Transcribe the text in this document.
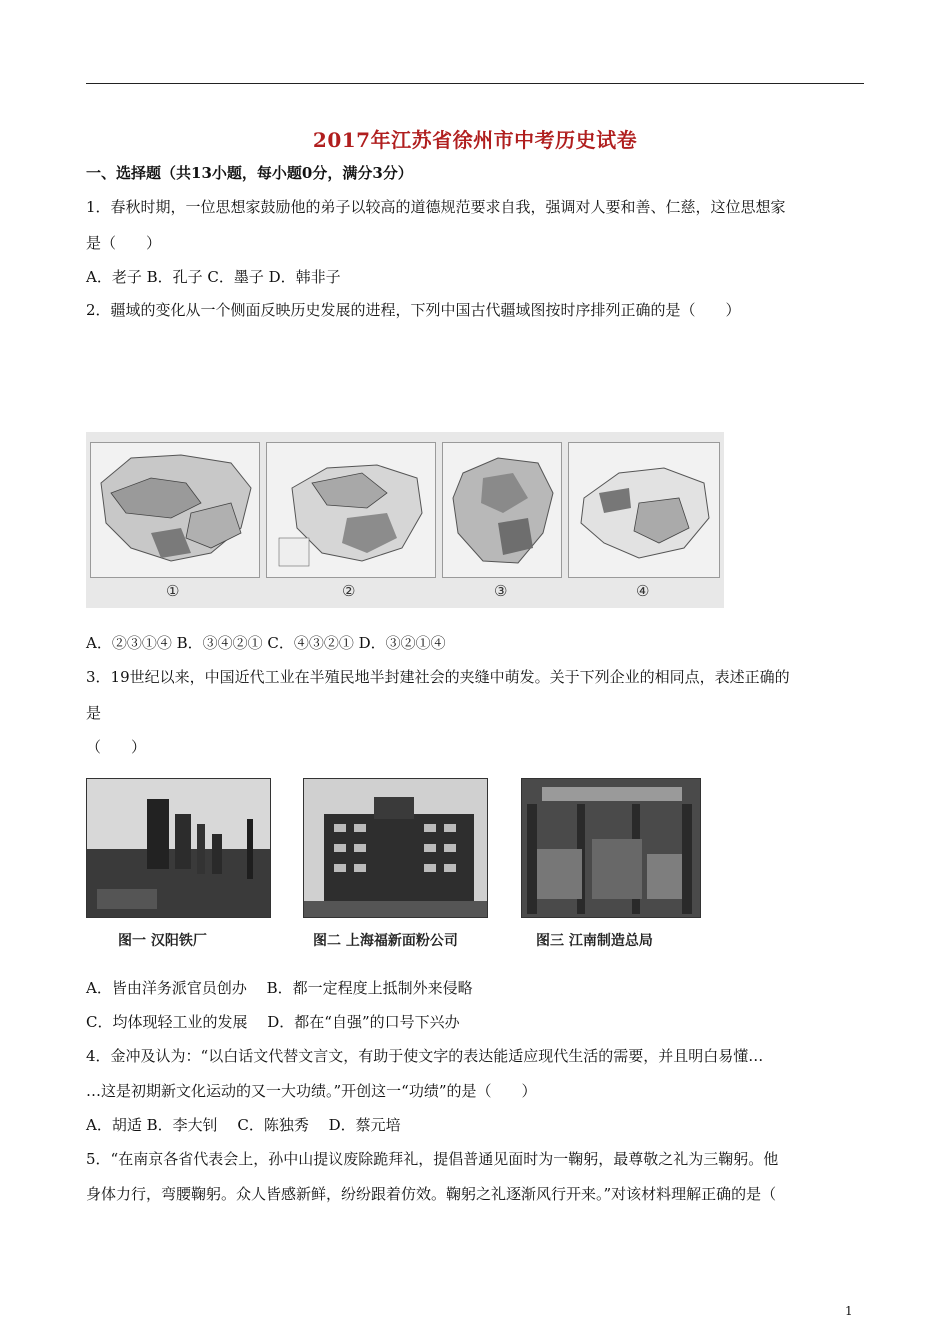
2017年江苏省徐州市中考历史试卷
一、选择题（共13小题，每小题0分，满分3分）
1．春秋时期，一位思想家鼓励他的弟子以较高的道德规范要求自我，强调对人要和善、仁慈，这位思想家
是（　　）
A．老子 B．孔子 C．墨子 D．韩非子
2．疆域的变化从一个侧面反映历史发展的进程，下列中国古代疆域图按时序排列正确的是（　　）
①	②	③	④
A．②③①④ B．③④②① C．④③②① D．③②①④
3．19世纪以来，中国近代工业在半殖民地半封建社会的夹缝中萌发。关于下列企业的相同点，表述正确的
是
（　　）
图一 汉阳铁厂	图二 上海福新面粉公司	图三 江南制造总局
A．皆由洋务派官员创办　 B．都一定程度上抵制外来侵略
C．均体现轻工业的发展　 D．都在“自强”的口号下兴办
4．金冲及认为：“以白话文代替文言文，有助于使文字的表达能适应现代生活的需要，并且明白易懂…
…这是初期新文化运动的又一大功绩。”开创这一“功绩”的是（　　）
A．胡适 B．李大钊　 C．陈独秀　 D．蔡元培
5．“在南京各省代表会上，孙中山提议废除跪拜礼，提倡普通见面时为一鞠躬，最尊敬之礼为三鞠躬。他
身体力行，弯腰鞠躬。众人皆感新鲜，纷纷跟着仿效。鞠躬之礼逐渐风行开来。”对该材料理解正确的是（
1
